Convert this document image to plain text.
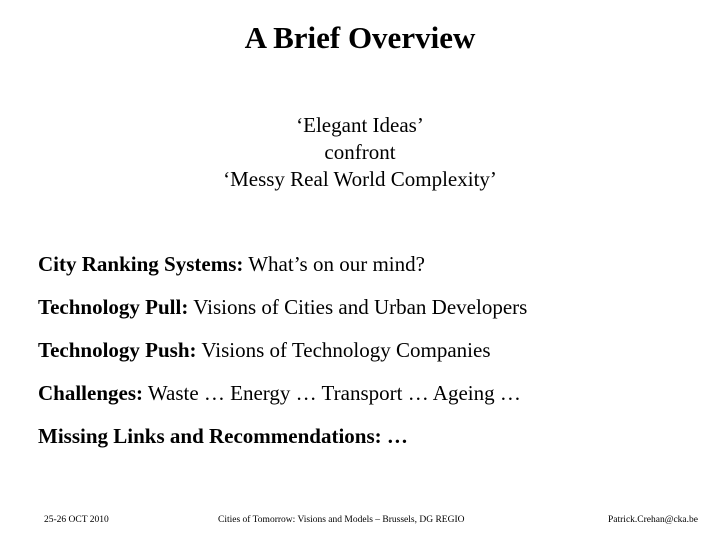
A Brief Overview
‘Elegant Ideas’
confront
‘Messy Real World Complexity’
City Ranking Systems: What’s on our mind?
Technology Pull: Visions of Cities and Urban Developers
Technology Push: Visions of Technology Companies
Challenges: Waste … Energy … Transport … Ageing …
Missing Links and Recommendations: …
25-26 OCT 2010	Cities of Tomorrow: Visions and Models – Brussels, DG REGIO	Patrick.Crehan@cka.be
